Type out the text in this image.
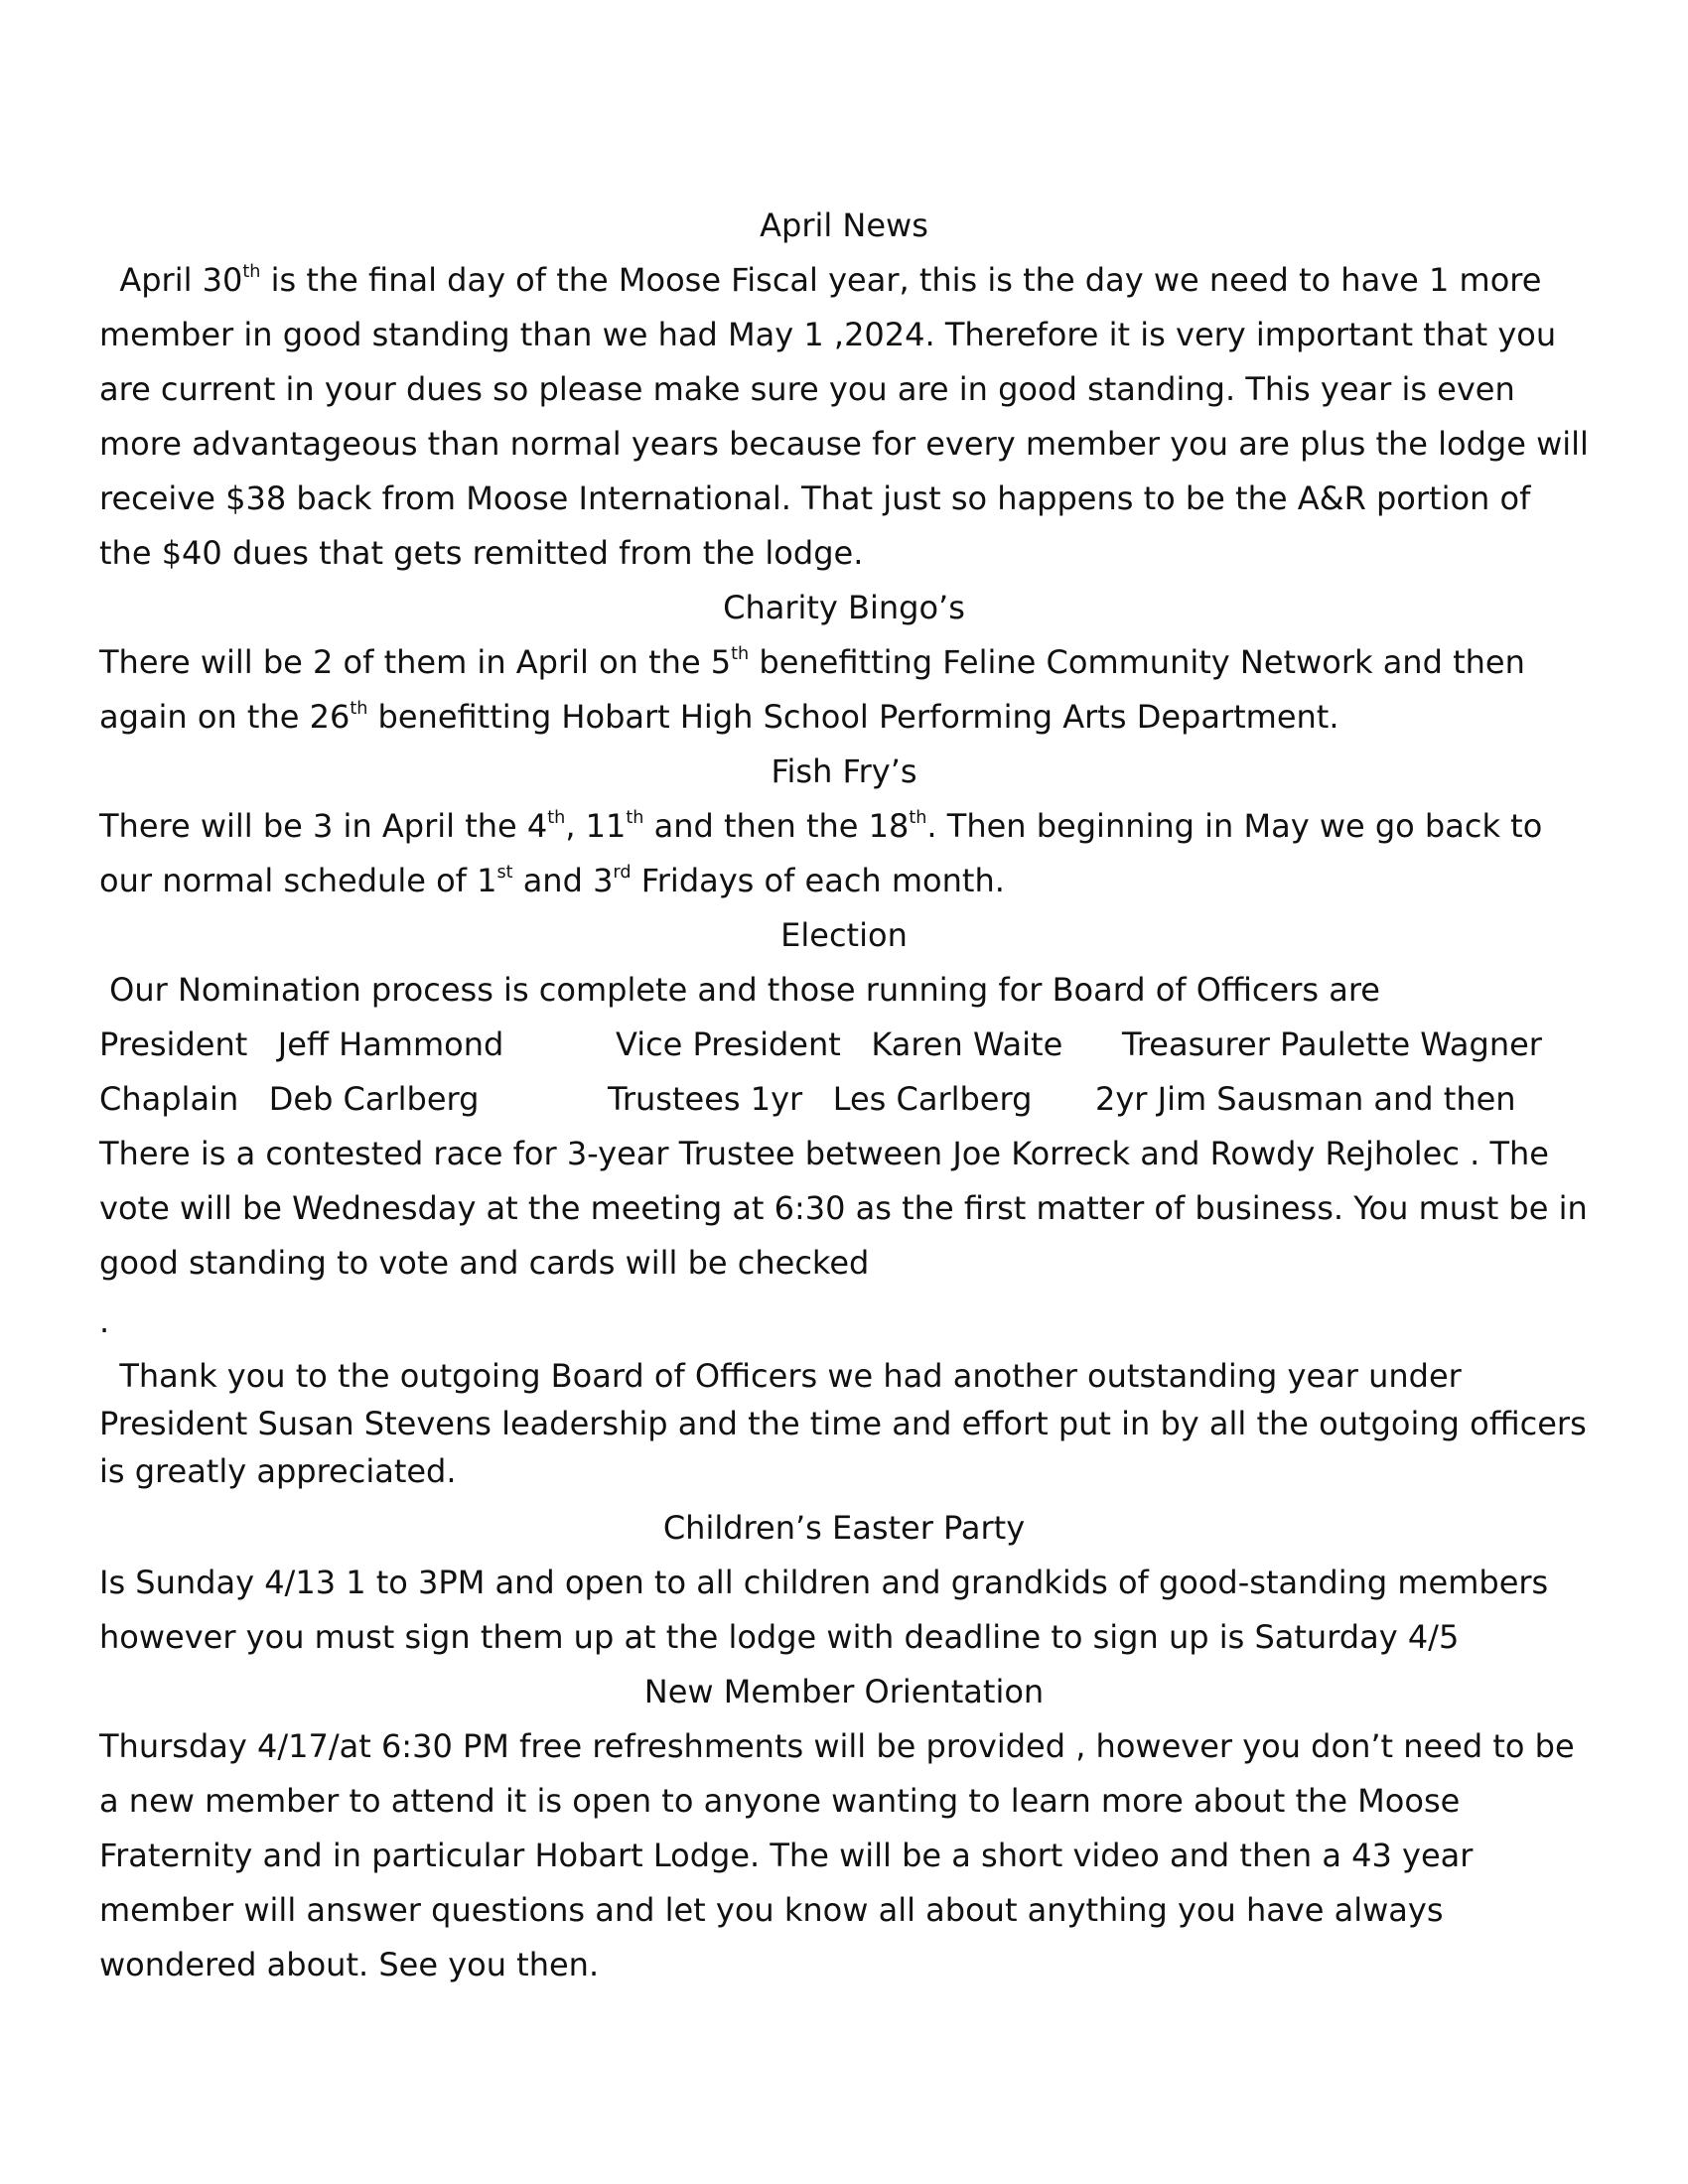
April News

April 30th is the final day of the Moose Fiscal year, this is the day we need to have 1 more member in good standing than we had May 1 ,2024. Therefore it is very important that you are current in your dues so please make sure you are in good standing. This year is even more advantageous than normal years because for every member you are plus the lodge will receive $38 back from Moose International. That just so happens to be the A&R portion of the $40 dues that gets remitted from the lodge.

Charity Bingo’s

There will be 2 of them in April on the 5th benefitting Feline Community Network and then again on the 26th benefitting Hobart High School Performing Arts Department.

Fish Fry’s

There will be 3 in April the 4th, 11th and then the 18th. Then beginning in May we go back to our normal schedule of 1st and 3rd Fridays of each month.

Election

Our Nomination process is complete and those running for Board of Officers are

President   Jeff Hammond	Vice President   Karen Waite Treasurer Paulette Wagner
Chaplain   Deb Carlberg	Trustees 1yr   Les Carlberg 2yr Jim Sausman and then

There is a contested race for 3-year Trustee between Joe Korreck and Rowdy Rejholec . The vote will be Wednesday at the meeting at 6:30 as the first matter of business. You must be in good standing to vote and cards will be checked

.

Thank you to the outgoing Board of Officers we had another outstanding year under President Susan Stevens leadership and the time and effort put in by all the outgoing officers is greatly appreciated.

Children’s Easter Party

Is Sunday 4/13 1 to 3PM and open to all children and grandkids of good-standing members however you must sign them up at the lodge with deadline to sign up is Saturday 4/5

New Member Orientation

Thursday 4/17/at 6:30 PM free refreshments will be provided , however you don’t need to be a new member to attend it is open to anyone wanting to learn more about the Moose Fraternity and in particular Hobart Lodge. The will be a short video and then a 43 year member will answer questions and let you know all about anything you have always wondered about. See you then.
